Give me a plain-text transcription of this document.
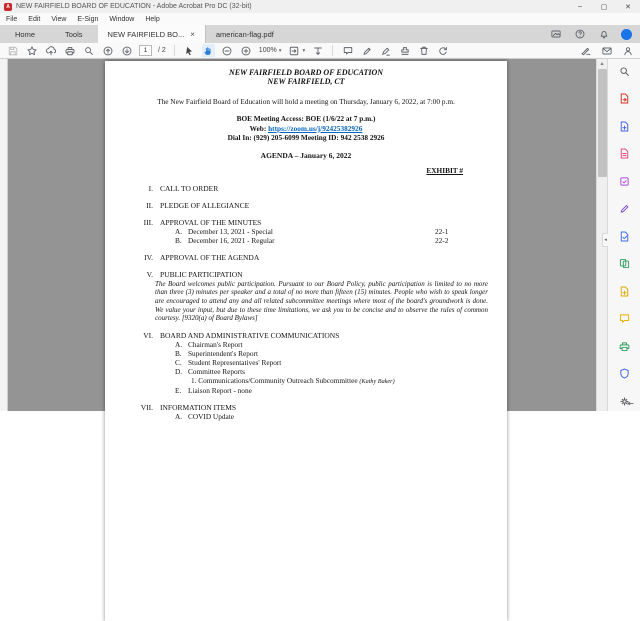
A NEW FAIRFIELD BOARD OF EDUCATION - Adobe Acrobat Pro DC (32-bit)	–	▢	✕
File Edit View E-Sign Window Help
Home	Tools	NEW FAIRFIELD BO... ×	american-flag.pdf
1	/ 2	100% ▾	▾
NEW FAIRFIELD BOARD OF EDUCATION
NEW FAIRFIELD, CT
The New Fairfield Board of Education will hold a meeting on Thursday, January 6, 2022, at 7:00 p.m.
BOE Meeting Access: BOE (1/6/22 at 7 p.m.)
Web: https://zoom.us/j/92425382926
Dial In: (929) 205-6099 Meeting ID: 942 2538 2926
AGENDA – January 6, 2022
EXHIBIT #
I. CALL TO ORDER
II. PLEDGE OF ALLEGIANCE
III. APPROVAL OF THE MINUTES
A. December 13, 2021 - Special	22-1
B. December 16, 2021 - Regular	22-2
IV. APPROVAL OF THE AGENDA
V. PUBLIC PARTICIPATION
The Board welcomes public participation. Pursuant to our Board Policy, public participation is limited to no more than three (3) minutes per speaker and a total of no more than fifteen (15) minutes. People who wish to speak longer are encouraged to attend any and all related subcommittee meetings where most of the board's groundwork is done. We value your input, but due to these time limitations, we ask you to be concise and to observe the rules of common courtesy. [9320(a) of Board Bylaws]
VI. BOARD AND ADMINISTRATIVE COMMUNICATIONS
A. Chairman's Report
B. Superintendent's Report
C. Student Representatives' Report
D. Committee Reports
1. Communications/Community Outreach Subcommittee (Kathy Baker)
E. Liaison Report - none
VII. INFORMATION ITEMS
A. COVID Update
▴
◂
⇤
